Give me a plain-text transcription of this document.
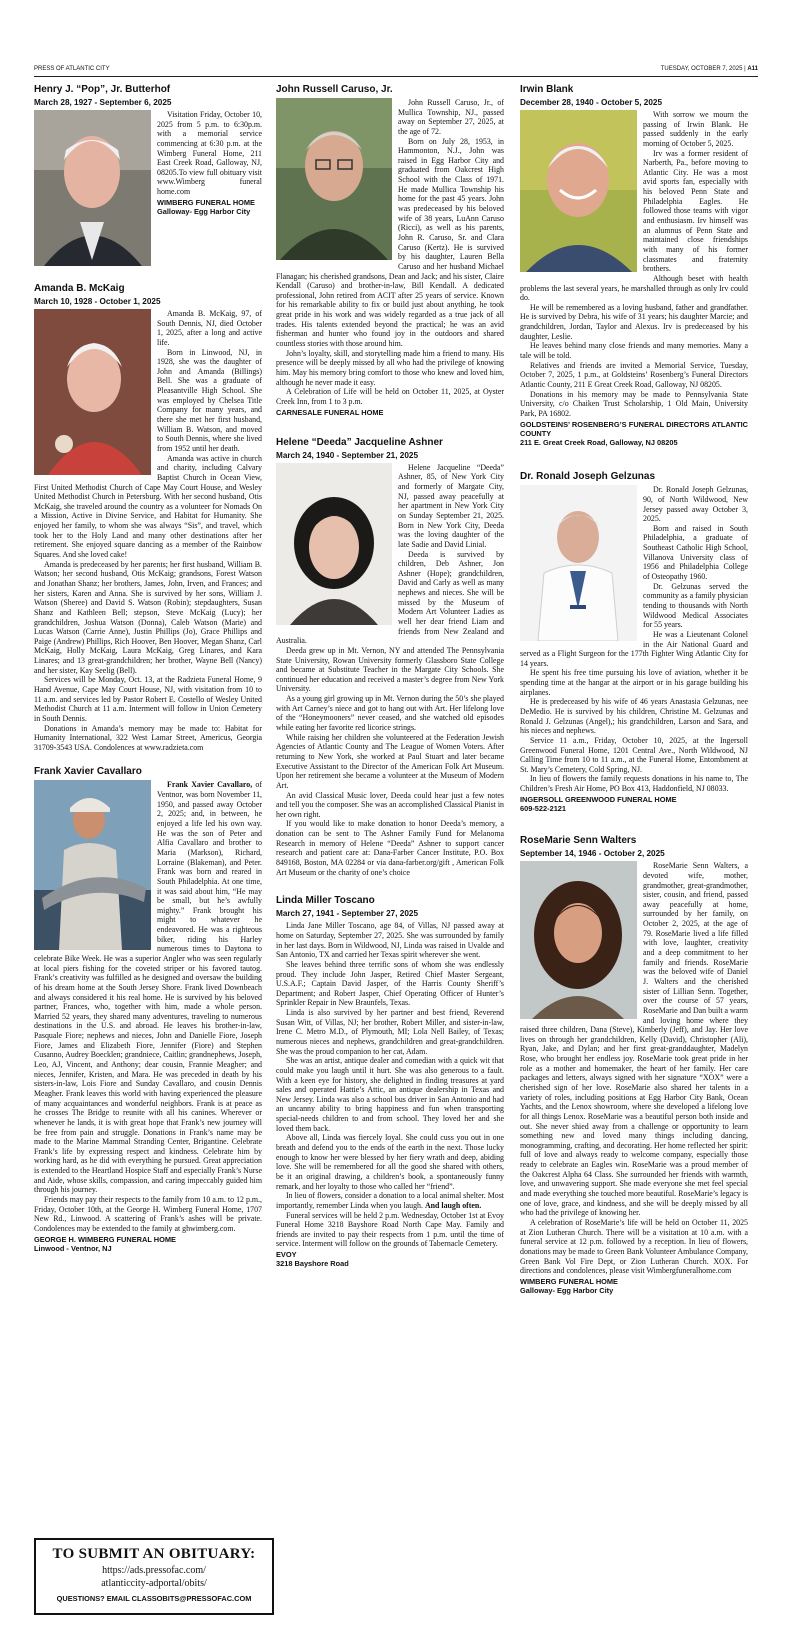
PRESS OF ATLANTIC CITY	TUESDAY, OCTOBER 7, 2025 | A11
Henry J. “Pop”, Jr. Butterhof
March 28, 1927 - September 6, 2025

Visitation Friday, October 10, 2025 from 5 p.m. to 6:30p.m. with a memorial service commencing at 6:30 p.m. at the Wimberg Funeral Home, 211 East Creek Road, Galloway, NJ, 08205.To view full obituary visit www.Wimberg funeral home.com

WIMBERG FUNERAL HOME
Galloway- Egg Harbor City
Amanda B. McKaig
March 10, 1928 - October 1, 2025

Amanda B. McKaig, 97, of South Dennis, NJ, died October 1, 2025, after a long and active life.

Born in Linwood, NJ, in 1928, she was the daughter of John and Amanda (Billings) Bell. She was a graduate of Pleasantville High School. She was employed by Chelsea Title Company for many years, and there she met her first husband, William B. Watson, and moved to South Dennis, where she lived from 1952 until her death.

Amanda was active in church and charity, including Calvary Baptist Church in Ocean View, First United Methodist Church of Cape May Court House, and Wesley United Methodist Church in Petersburg. With her second husband, Otis McKaig, she traveled around the country as a volunteer for Nomads On a Mission, Active in Divine Service, and Habitat for Humanity. She enjoyed her family, to whom she was always “Sis”, and travel, which took her to the Holy Land and many other destinations after her retirement. She enjoyed square dancing as a member of the Rainbow Squares. And she loved cake!

Amanda is predeceased by her parents; her first husband, William B. Watson; her second husband, Otis McKaig; grandsons, Forest Watson and Jonathan Shanz; her brothers, James, John, Irven, and Frances; and her sisters, Karen and Anna. She is survived by her sons, William J. Watson (Sheree) and David S. Watson (Robin); stepdaughters, Susan Shanz and Kathleen Bell; stepson, Steve McKaig (Lucy); her grandchildren, Joshua Watson (Donna), Caleb Watson (Marie) and Lucas Watson (Carrie Anne), Justin Phillips (Jo), Grace Phillips and Paige (Andrew) Phillips, Rich Hoover, Ben Hoover, Megan Shanz, Carl McKaig, Holly McKaig, Laura McKaig, Greg Linares, and Kara Linares; and 13 great-grandchildren; her brother, Wayne Bell (Nancy) and her sister, Kay Seelig (Bell).

Services will be Monday, Oct. 13, at the Radzieta Funeral Home, 9 Hand Avenue, Cape May Court House, NJ, with visitation from 10 to 11 a.m. and services led by Pastor Robert E. Costello of Wesley United Methodist Church at 11 a.m. Interment will follow in Union Cemetery in South Dennis.

Donations in Amanda’s memory may be made to: Habitat for Humanity International, 322 West Lamar Street, Americus, Georgia 31709-3543 USA. Condolences at www.radzieta.com

Frank Xavier Cavallaro

Frank Xavier Cavallaro, of Ventnor, was born November 11, 1950, and passed away October 2, 2025; and, in between, he enjoyed a life led his own way. He was the son of Peter and Alfia Cavallaro and brother to Maria (Markson), Richard, Lorraine (Blakeman), and Peter. Frank was born and reared in South Philadelphia. At one time, it was said about him, “He may be small, but he’s awfully mighty.” Frank brought his might to whatever he endeavored. He was a righteous biker, riding his Harley numerous times to Daytona to celebrate Bike Week. He was a superior Angler who was seen regularly at local piers fishing for the coveted striper or his favored tautog. Frank’s creativity was fulfilled as he designed and oversaw the building of his dream home at the South Jersey Shore. Frank lived Downbeach and always considered it his real home. He is survived by his beloved partner, Frances, who, together with him, made a whole person. Married 52 years, they shared many adventures, traveling to numerous destinations in the U.S. and abroad. He leaves his brother-in-law, Pasquale Fiore; nephews and nieces, John and Danielle Fiore, Joseph Fiore, James and Elizabeth Fiore, Jennifer (Fiore) and Stephen Cusanno, Audrey Boecklen; grandniece, Caitlin; grandnephews, Joseph, Leo, AJ, Vincent, and Anthony; dear cousin, Frannie Meagher; and nieces, Jennifer, Kristen, and Mara. He was preceded in death by his sisters-in-law, Lois Fiore and Sunday Cavallaro, and cousin Dennis Meagher. Frank leaves this world with having experienced the pleasure of many acquaintances and wonderful neighbors. Frank is at peace as he crosses The Bridge to reunite with all his canines. Wherever or whenever he lands, it is with great hope that Frank’s new journey will be free from pain and struggle. Donations in Frank’s name may be made to the Marine Mammal Stranding Center, Brigantine. Celebrate Frank’s life by expressing respect and kindness. Celebrate him by working hard, as he did with everything he pursued. Great appreciation is extended to the Heartland Hospice Staff and especially Frank’s Nurse and Aide, whose skills, compassion, and caring impeccably guided him through his journey.

Friends may pay their respects to the family from 10 a.m. to 12 p.m., Friday, October 10th, at the George H. Wimberg Funeral Home, 1707 New Rd., Linwood. A scattering of Frank’s ashes will be private. Condolences may be extended to the family at ghwimberg.com.

GEORGE H. WIMBERG FUNERAL HOME
Linwood - Ventnor, NJ
TO SUBMIT AN OBITUARY:
https://ads.pressofac.com/
atlanticcity-adportal/obits/
QUESTIONS? EMAIL CLASSOBITS@PRESSOFAC.COM
John Russell Caruso, Jr.

John Russell Caruso, Jr., of Mullica Township, NJ., passed away on September 27, 2025, at the age of 72.

Born on July 28, 1953, in Hammonton, N.J., John was raised in Egg Harbor City and graduated from Oakcrest High School with the Class of 1971. He made Mullica Township his home for the past 45 years. John was predeceased by his beloved wife of 38 years, LuAnn Caruso (Ricci), as well as his parents, John R. Caruso, Sr. and Clara Caruso (Kertz). He is survived by his daughter, Lauren Bella Caruso and her husband Michael Flanagan; his cherished grandsons, Dean and Jack; and his sister, Claire Kendall (Caruso) and brother-in-law, Bill Kendall. A dedicated professional, John retired from ACIT after 25 years of service. Known for his remarkable ability to fix or build just about anything, he took great pride in his work and was widely regarded as a true jack of all trades. His talents extended beyond the practical; he was an avid fisherman and hunter who found joy in the outdoors and shared countless stories with those around him.

John’s loyalty, skill, and storytelling made him a friend to many. His presence will be deeply missed by all who had the privilege of knowing him. May his memory bring comfort to those who knew and loved him, although he never made it easy.

A Celebration of Life will be held on October 11, 2025, at Oyster Creek Inn, from 1 to 3 p.m.

CARNESALE FUNERAL HOME
Helene “Deeda” Jacqueline Ashner
March 24, 1940 - September 21, 2025

Helene Jacqueline “Deeda” Ashner, 85, of New York City and formerly of Margate City, NJ, passed away peacefully at her apartment in New York City on Sunday September 21, 2025. Born in New York City, Deeda was the loving daughter of the late Sadie and David Linial.

Deeda is survived by children, Deb Ashner, Jon Ashner (Hope); grandchildren, David and Carly as well as many nephews and nieces. She will be missed by the Museum of Modern Art Volunteer Ladies as well her dear friend Liam and friends from New Zealand and Australia.

Deeda grew up in Mt. Vernon, NY and attended The Pennsylvania State University, Rowan University formerly Glassboro State College and became at Substitute Teacher in the Margate City Schools. She continued her education and received a master’s degree from New York University.

As a young girl growing up in Mt. Vernon during the 50’s she played with Art Carney’s niece and got to hang out with Art. Her lifelong love of the “Honeymooners” never ceased, and she watched old episodes while eating her favorite red licorice strings.

While raising her children she volunteered at the Federation Jewish Agencies of Atlantic County and The League of Women Voters. After returning to New York, she worked at Paul Stuart and later became Executive Assistant to the Director of the American Folk Art Museum. Upon her retirement she became a volunteer at the Museum of Modern Art.

An avid Classical Music lover, Deeda could hear just a few notes and tell you the composer. She was an accomplished Classical Pianist in her own right.

If you would like to make donation to honor Deeda’s memory, a donation can be sent to The Ashner Family Fund for Melanoma Research in memory of Helene “Deeda” Ashner to support cancer research and patient care at: Dana-Farber Cancer Institute, P.O. Box 849168, Boston, MA 02284 or via dana-farber.org/gift , American Folk Art Museum or the charity of one’s choice

Linda Miller Toscano
March 27, 1941 - September 27, 2025

Linda Jane Miller Toscano, age 84, of Villas, NJ passed away at home on Saturday, September 27, 2025. She was surrounded by family in her last days. Born in Wildwood, NJ, Linda was raised in Uvalde and San Antonio, TX and carried her Texas spirit wherever she went.

She leaves behind three terrific sons of whom she was endlessly proud. They include John Jasper, Retired Chief Master Sergeant, U.S.A.F.; Captain David Jasper, of the Harris County Sheriff’s Department; and Robert Jasper, Chief Operating Officer of Hunter’s Sprinkler Repair in New Braunfels, Texas.

Linda is also survived by her partner and best friend, Reverend Susan Witt, of Villas, NJ; her brother, Robert Miller, and sister-in-law, Irene C. Metro M.D., of Plymouth, MI; Lola Nell Bailey, of Texas; numerous nieces and nephews, grandchildren and great-grandchildren. She was the proud companion to her cat, Adam.

She was an artist, antique dealer and comedian with a quick wit that could make you laugh until it hurt. She was also generous to a fault. With a keen eye for history, she delighted in finding treasures at yard sales and operated Hattie’s Attic, an antique dealership in Texas and New Jersey. Linda was also a school bus driver in San Antonio and had an uncanny ability to bring happiness and fun when transporting special-needs children to and from school. They loved her and she loved them back.

Above all, Linda was fiercely loyal. She could cuss you out in one breath and defend you to the ends of the earth in the next. Those lucky enough to know her were blessed by her fiery wrath and deep, abiding love. She will be remembered for all the good she shared with others, be it an original drawing, a children’s book, a spontaneously funny remark, and her loyalty to those who called her “friend”.

In lieu of flowers, consider a donation to a local animal shelter. Most importantly, remember Linda when you laugh. And laugh often.

Funeral services will be held 2 p.m. Wednesday, October 1st at Evoy Funeral Home 3218 Bayshore Road North Cape May. Family and friends are invited to pay their respects from 1 p.m. until the time of service. Interment will follow on the grounds of Tabernacle Cemetery.

EVOY
3218 Bayshore Road
Irwin Blank
December 28, 1940 - October 5, 2025

With sorrow we mourn the passing of Irwin Blank. He passed suddenly in the early morning of October 5, 2025.

Irv was a former resident of Narberth, Pa., before moving to Atlantic City. He was a most avid sports fan, especially with his beloved Penn State and Philadelphia Eagles. He followed those teams with vigor and enthusiasm. Irv himself was an alumnus of Penn State and maintained close friendships with many of his former classmates and fraternity brothers.

Although beset with health problems the last several years, he marshalled through as only Irv could do.

He will be remembered as a loving husband, father and grandfather. He is survived by Debra, his wife of 31 years; his daughter Marcie; and grandchildren, Jordan, Taylor and Alexus. Irv is predeceased by his daughter, Leslie.

He leaves behind many close friends and many memories. Many a tale will be told.

Relatives and friends are invited a Memorial Service, Tuesday, October 7, 2025, 1 p.m., at Goldsteins’ Rosenberg’s Funeral Directors Atlantic County, 211 E Great Creek Road, Galloway, NJ 08205.

Donations in his memory may be made to Pennsylvania State University, c/o Chaiken Trust Scholarship, 1 Old Main, University Park, PA 16802.

GOLDSTEINS’ ROSENBERG’S FUNERAL DIRECTORS ATLANTIC COUNTY
211 E. Great Creek Road, Galloway, NJ 08205
Dr. Ronald Joseph Gelzunas

Dr. Ronald Joseph Gelzunas, 90, of North Wildwood, New Jersey passed away October 3, 2025.

Born and raised in South Philadelphia, a graduate of Southeast Catholic High School, Villanova University class of 1956 and Philadelphia College of Osteopathy 1960.

Dr. Gelzunas served the community as a family physician tending to thousands with North Wildwood Medical Associates for 55 years.

He was a Lieutenant Colonel in the Air National Guard and served as a Flight Surgeon for the 177th Fighter Wing Atlantic City for 14 years.

He spent his free time pursuing his love of aviation, whether it be spending time at the hangar at the airport or in his garage building his airplanes.

He is predeceased by his wife of 46 years Anastasia Gelzunas, nee DeMedio. He is survived by his children, Christine M. Gelzunas and Ronald J. Gelzunas (Angel),; his grandchildren, Larson and Sara, and his nieces and nephews.

Service 11 a.m., Friday, October 10, 2025, at the Ingersoll Greenwood Funeral Home, 1201 Central Ave., North Wildwood, NJ Calling Time from 10 to 11 a.m., at the Funeral Home, Entombment at St. Mary’s Cemetery, Cold Spring, NJ.

In lieu of flowers the family requests donations in his name to, The Children’s Fresh Air Home, PO Box 413, Haddonfield, NJ 08033.

INGERSOLL GREENWOOD FUNERAL HOME
609-522-2121
RoseMarie Senn Walters
September 14, 1946 - October 2, 2025

RoseMarie Senn Walters, a devoted wife, mother, grandmother, great-grandmother, sister, cousin, and friend, passed away peacefully at home, surrounded by her family, on October 2, 2025, at the age of 79. RoseMarie lived a life filled with love, laughter, creativity and a deep commitment to her family and friends. RoseMarie was the beloved wife of Daniel J. Walters and the cherished sister of Lillian Senn. Together, over the course of 57 years, RoseMarie and Dan built a warm and loving home where they raised three children, Dana (Steve), Kimberly (Jeff), and Jay. Her love lives on through her grandchildren, Kelly (David), Christopher (Ali), Ryan, Jake, and Dylan; and her first great-granddaughter, Madelyn Rose, who brought her endless joy. RoseMarie took great pride in her role as a mother and homemaker, the heart of her family. Her care packages and letters, always signed with her signature “XOX” were a cherished sign of her love. RoseMarie also shared her talents in a variety of roles, including positions at Egg Harbor City Bank, Ocean Yachts, and the Lenox showroom, where she developed a lifelong love for all things Lenox. RoseMarie was a beautiful person both inside and out. She never shied away from a challenge or opportunity to learn something new and loved many things including dancing, monogramming, crafting, and decorating. Her home reflected her spirit: full of love and always ready to welcome company, especially those ready to celebrate an Eagles win. RoseMarie was a proud member of the Oakcrest Alpha 64 Class. She surrounded her friends with warmth, love, and unwavering support. She made everyone she met feel special and made everything she touched more beautiful. RoseMarie’s legacy is one of love, grace, and kindness, and she will be deeply missed by all who had the privilege of knowing her.

A celebration of RoseMarie’s life will be held on October 11, 2025 at Zion Lutheran Church. There will be a visitation at 10 a.m. with a funeral service at 12 p.m. followed by a reception. In lieu of flowers, donations may be made to Green Bank Volunteer Ambulance Company, Green Bank Vol Fire Dept, or Zion Lutheran Church. XOX. For directions and condolences, please visit Wimbergfuneralhome.com

WIMBERG FUNERAL HOME
Galloway- Egg Harbor City
